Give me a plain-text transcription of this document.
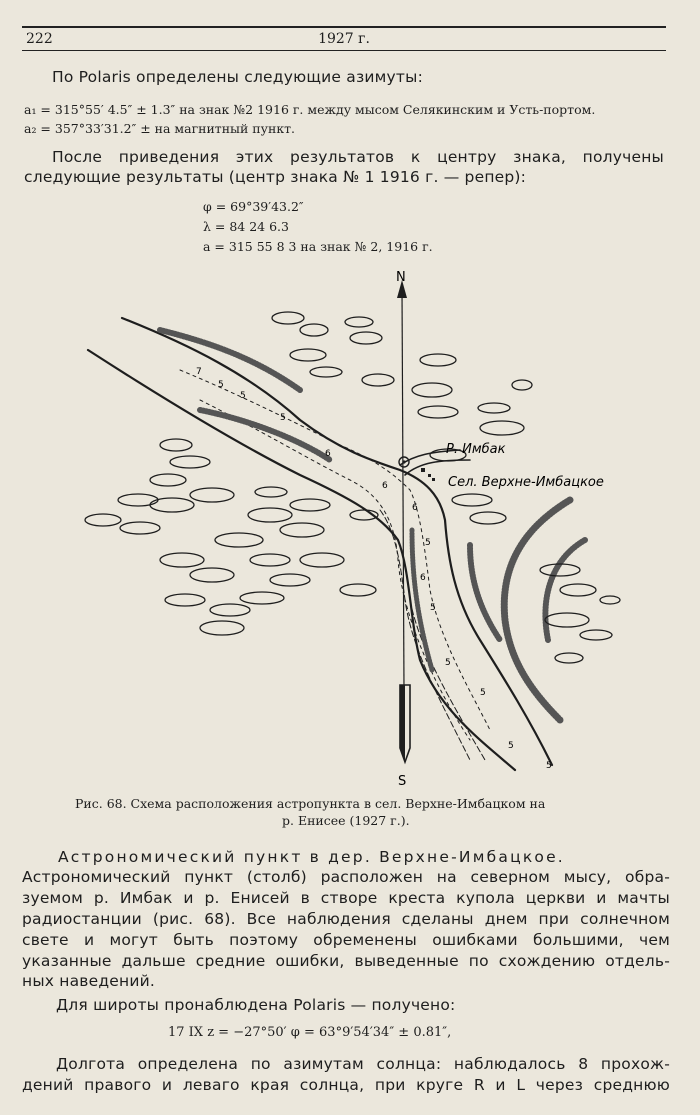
222	1927 г.

По Polaris определены следующие азимуты:

a₁ = 315°55′ 4.5″ ± 1.3″ на знак №2 1916 г. между мысом Селякинским и Усть-портом.

a₂ = 357°33′31.2″ ± на магнитный пункт.

После приведения этих результатов к центру знака, получены

следующие результаты (центр знака № 1 1916 г. — репер):

φ = 69°39′43.2″

λ = 84 24 6.3

a = 315 55 8 3 на знак № 2, 1916 г.

N
S
Р. Имбак
Сел. Верхне-Имбацкое
7
5
5
5
6
6
6
5
6
5
5
5
5
5

Рис. 68. Схема расположения астропункта в сел. Верхне-Имбацком на

р. Енисее (1927 г.).

Астрономический пункт в дер. Верхне-Имбацкое.

Астрономический пункт (столб) расположен на северном мысу, обра-

зуемом р. Имбак и р. Енисей в створе креста купола церкви и мачты

радиостанции (рис. 68). Все наблюдения сделаны днем при солнечном

свете и могут быть поэтому обременены ошибками большими, чем

указанные дальше средние ошибки, выведенные по схождению отдель-

ных наведений.

Для широты пронаблюдена Polaris — получено:

17 IX z = −27°50′ φ = 63°9′54′34″ ± 0.81″,

Долгота определена по азимутам солнца: наблюдалось 8 прохож-

дений правого и леваго края солнца, при круге R и L через среднюю
